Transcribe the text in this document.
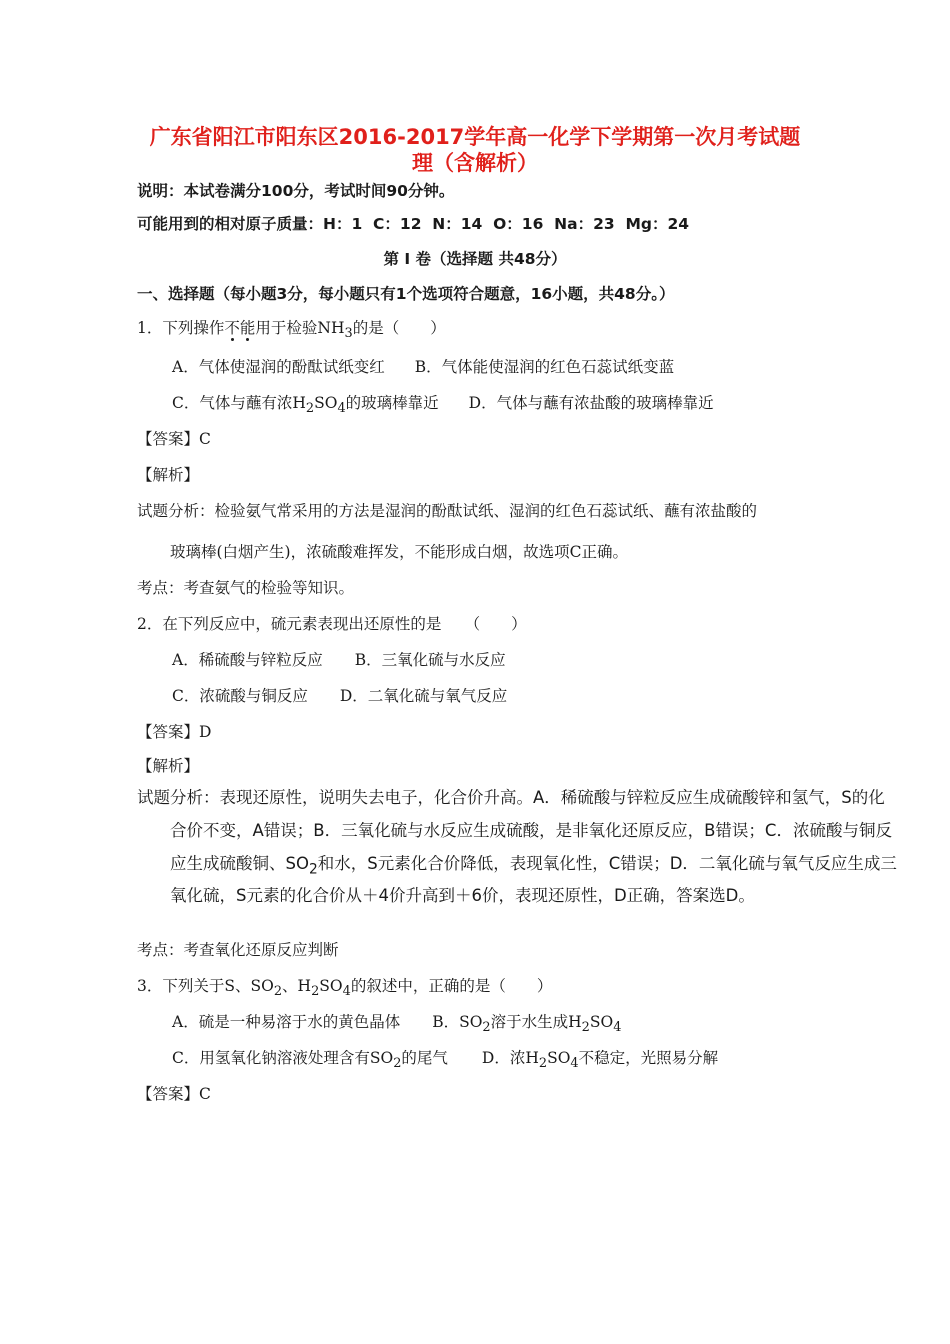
广东省阳江市阳东区2016-2017学年高一化学下学期第一次月考试题
理（含解析）
说明：本试卷满分100分，考试时间90分钟。
可能用到的相对原子质量：H：1  C：12  N：14  O：16  Na：23  Mg：24
第 I 卷（选择题 共48分）
一、选择题（每小题3分，每小题只有1个选项符合题意，16小题，共48分。）
1．下列操作不能用于检验$NH_3$的是（　　）
A．气体使湿润的酚酞试纸变红 B．气体能使湿润的红色石蕊试纸变蓝
C．气体与蘸有浓$H_2SO_4$的玻璃棒靠近 D．气体与蘸有浓盐酸的玻璃棒靠近
【答案】C
【解析】
试题分析：检验氨气常采用的方法是湿润的酚酞试纸、湿润的红色石蕊试纸、蘸有浓盐酸的
玻璃棒(白烟产生)，浓硫酸难挥发，不能形成白烟，故选项C正确。
考点：考查氨气的检验等知识。
2．在下列反应中，硫元素表现出还原性的是　　（　　）
A．稀硫酸与锌粒反应 B．三氧化硫与水反应
C．浓硫酸与铜反应 D．二氧化硫与氧气反应
【答案】D
【解析】
试题分析：表现还原性，说明失去电子，化合价升高。A．稀硫酸与锌粒反应生成硫酸锌和氢气，S的化
合价不变，A错误；B．三氧化硫与水反应生成硫酸，是非氧化还原反应，B错误；C．浓硫酸与铜反
应生成硫酸铜、$SO_2$和水，S元素化合价降低，表现氧化性，C错误；D．二氧化硫与氧气反应生成三
氧化硫，S元素的化合价从＋4价升高到＋6价，表现还原性，D正确，答案选D。
考点：考查氧化还原反应判断
3．下列关于S、$SO_2$、$H_2SO_4$的叙述中，正确的是（　　）
A．硫是一种易溶于水的黄色晶体 B．$SO_2$溶于水生成$H_2SO_4$
C．用氢氧化钠溶液处理含有$SO_2$的尾气 D．浓$H_2SO_4$不稳定，光照易分解
【答案】C
